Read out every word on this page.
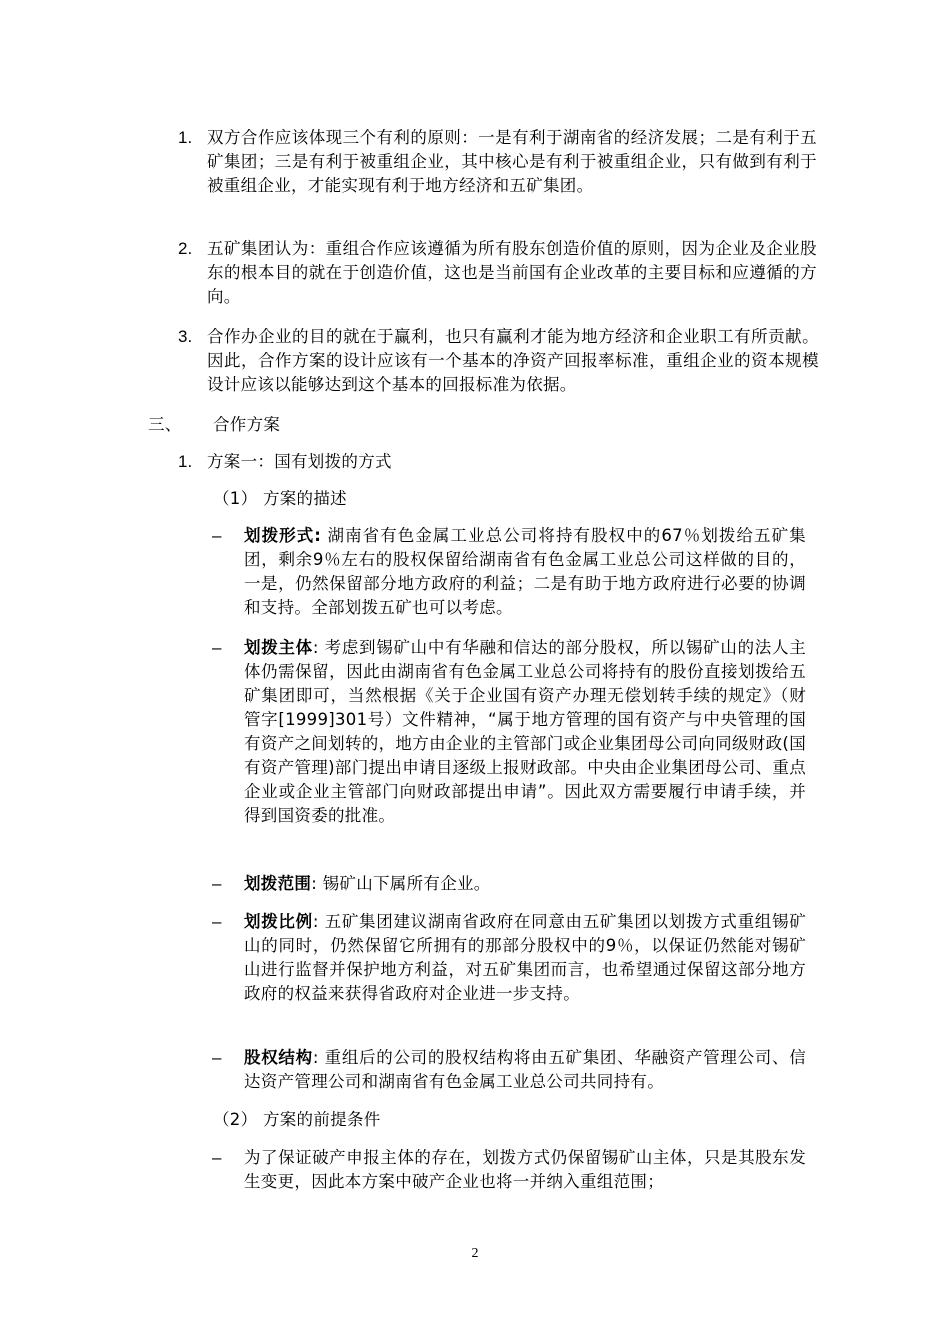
1. 双方合作应该体现三个有利的原则：一是有利于湖南省的经济发展；二是有利于五矿集团；三是有利于被重组企业，其中核心是有利于被重组企业，只有做到有利于被重组企业，才能实现有利于地方经济和五矿集团。
2. 五矿集团认为：重组合作应该遵循为所有股东创造价值的原则，因为企业及企业股东的根本目的就在于创造价值，这也是当前国有企业改革的主要目标和应遵循的方向。
3. 合作办企业的目的就在于赢利，也只有赢利才能为地方经济和企业职工有所贡献。因此，合作方案的设计应该有一个基本的净资产回报率标准，重组企业的资本规模设计应该以能够达到这个基本的回报标准为依据。
三、 合作方案
1. 方案一：国有划拨的方式
（1） 方案的描述
– 划拨形式: 湖南省有色金属工业总公司将持有股权中的67％划拨给五矿集团，剩余9％左右的股权保留给湖南省有色金属工业总公司这样做的目的，一是，仍然保留部分地方政府的利益；二是有助于地方政府进行必要的协调和支持。全部划拨五矿也可以考虑。
– 划拨主体: 考虑到锡矿山中有华融和信达的部分股权，所以锡矿山的法人主体仍需保留，因此由湖南省有色金属工业总公司将持有的股份直接划拨给五矿集团即可，当然根据《关于企业国有资产办理无偿划转手续的规定》（财管字[1999]301号）文件精神，“属于地方管理的国有资产与中央管理的国有资产之间划转的，地方由企业的主管部门或企业集团母公司向同级财政(国有资产管理)部门提出申请目逐级上报财政部。中央由企业集团母公司、重点企业或企业主管部门向财政部提出申请”。因此双方需要履行申请手续，并得到国资委的批准。
– 划拨范围: 锡矿山下属所有企业。
– 划拨比例: 五矿集团建议湖南省政府在同意由五矿集团以划拨方式重组锡矿山的同时，仍然保留它所拥有的那部分股权中的9％，以保证仍然能对锡矿山进行监督并保护地方利益，对五矿集团而言，也希望通过保留这部分地方政府的权益来获得省政府对企业进一步支持。
– 股权结构: 重组后的公司的股权结构将由五矿集团、华融资产管理公司、信达资产管理公司和湖南省有色金属工业总公司共同持有。
（2） 方案的前提条件
– 为了保证破产申报主体的存在，划拨方式仍保留锡矿山主体，只是其股东发生变更，因此本方案中破产企业也将一并纳入重组范围；
2
